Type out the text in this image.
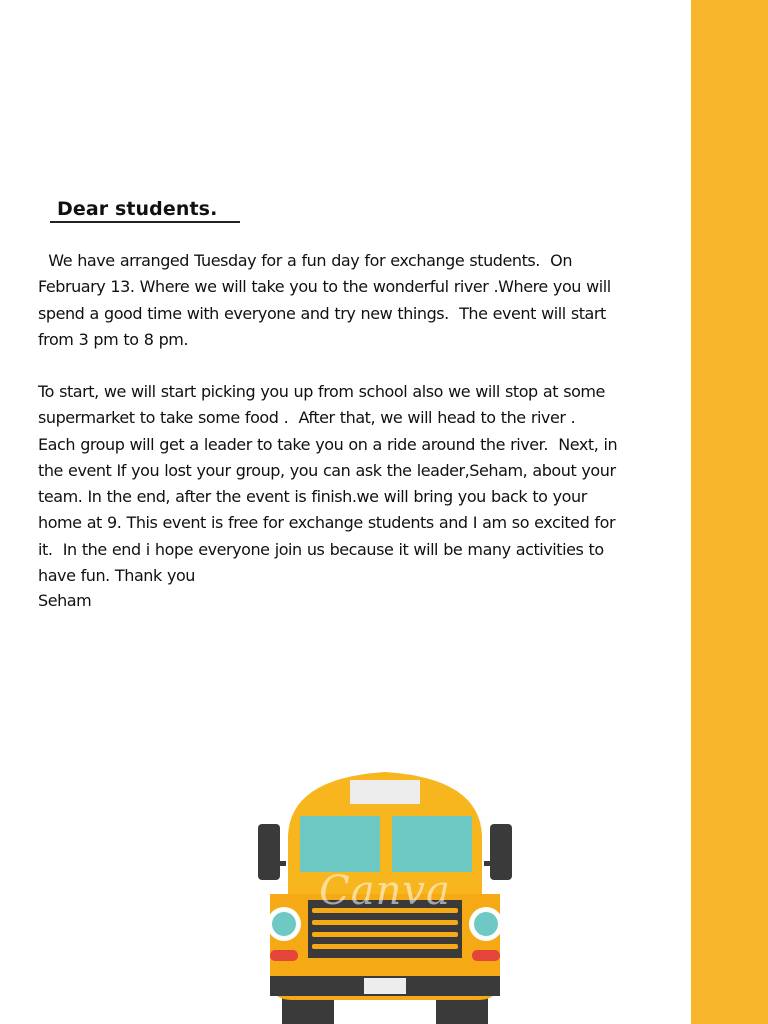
Dear students.
We have arranged Tuesday for a fun day for exchange students.  On
February 13. Where we will take you to the wonderful river .Where you will
spend a good time with everyone and try new things.  The event will start
from 3 pm to 8 pm.
To start, we will start picking you up from school also we will stop at some
supermarket to take some food .  After that, we will head to the river .
Each group will get a leader to take you on a ride around the river.  Next, in
the event If you lost your group, you can ask the leader,Seham, about your
team. In the end, after the event is finish.we will bring you back to your
home at 9. This event is free for exchange students and I am so excited for
it.  In the end i hope everyone join us because it will be many activities to
have fun. Thank you
Seham
Canva
